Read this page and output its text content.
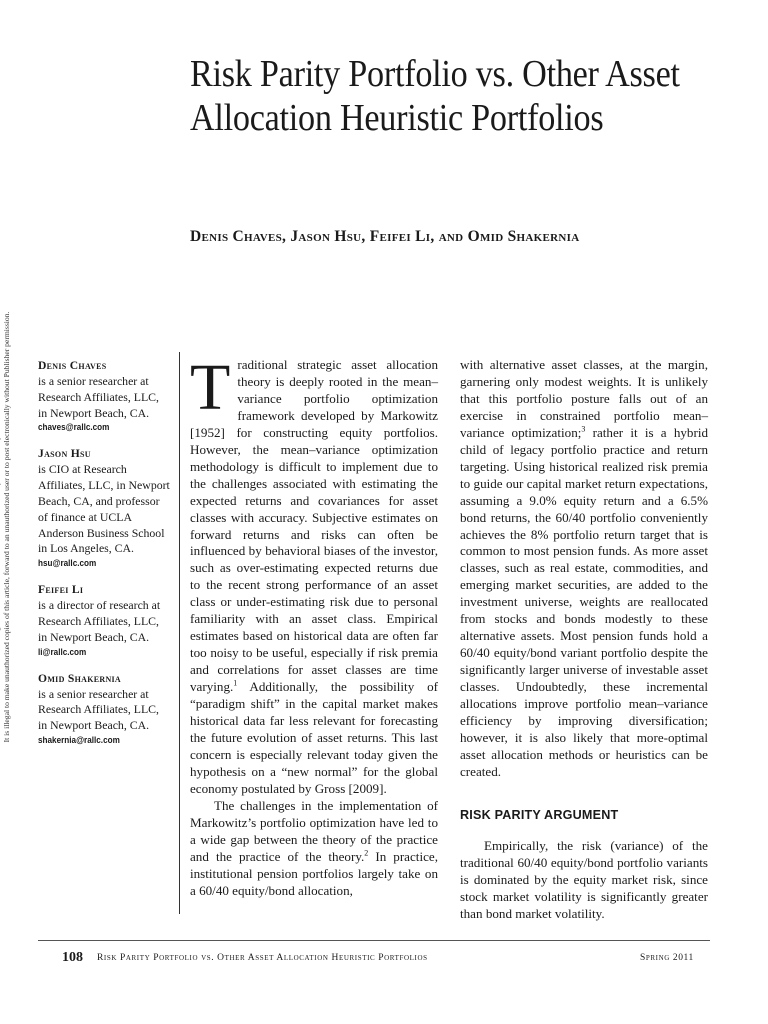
Risk Parity Portfolio vs. Other Asset Allocation Heuristic Portfolios
Denis Chaves, Jason Hsu, Feifei Li, and Omid Shakernia
It is illegal to make unauthorized copies of this article, forward to an unauthorized user or to post electronically without Publisher permission. Denis Chaves
is a senior researcher at Research Affiliates, LLC, in Newport Beach, CA.
chaves@rallc.com
Jason Hsu
is CIO at Research Affiliates, LLC, in Newport Beach, CA, and professor of finance at UCLA Anderson Business School in Los Angeles, CA.
hsu@rallc.com
Feifei Li
is a director of research at Research Affiliates, LLC, in Newport Beach, CA.
li@rallc.com
Omid Shakernia
is a senior researcher at Research Affiliates, LLC, in Newport Beach, CA.
shakernia@rallc.com

Traditional strategic asset allocation theory is deeply rooted in the mean–variance portfolio optimization framework developed by Markowitz [1952] for constructing equity portfolios. However, the mean–variance optimization methodology is difficult to implement due to the challenges associated with estimating the expected returns and covariances for asset classes with accuracy. Subjective estimates on forward returns and risks can often be influenced by behavioral biases of the investor, such as over-estimating expected returns due to the recent strong performance of an asset class or under-estimating risk due to personal familiarity with an asset class. Empirical estimates based on historical data are often far too noisy to be useful, especially if risk premia and correlations for asset classes are time varying.$^1$ Additionally, the possibility of “paradigm shift” in the capital market makes historical data far less relevant for forecasting the future evolution of asset returns. This last concern is especially relevant today given the hypothesis on a “new normal” for the global economy postulated by Gross [2009].

The challenges in the implementation of Markowitz’s portfolio optimization have led to a wide gap between the theory of the practice and the practice of the theory.$^2$ In practice, institutional pension portfolios largely take on a 60/40 equity/bond allocation,

with alternative asset classes, at the margin, garnering only modest weights. It is unlikely that this portfolio posture falls out of an exercise in constrained portfolio mean–variance optimization;$^3$ rather it is a hybrid child of legacy portfolio practice and return targeting. Using historical realized risk premia to guide our capital market return expectations, assuming a 9.0% equity return and a 6.5% bond returns, the 60/40 portfolio conveniently achieves the 8% portfolio return target that is common to most pension funds. As more asset classes, such as real estate, commodities, and emerging market securities, are added to the investment universe, weights are reallocated from stocks and bonds modestly to these alternative assets. Most pension funds hold a 60/40 equity/bond variant portfolio despite the significantly larger universe of investable asset classes. Undoubtedly, these incremental allocations improve portfolio mean–variance efficiency by improving diversification; however, it is also likely that more-optimal asset allocation methods or heuristics can be created.

RISK PARITY ARGUMENT

Empirically, the risk (variance) of the traditional 60/40 equity/bond portfolio variants is dominated by the equity market risk, since stock market volatility is significantly greater than bond market volatility.

108 Risk Parity Portfolio vs. Other Asset Allocation Heuristic Portfolios	Spring 2011
